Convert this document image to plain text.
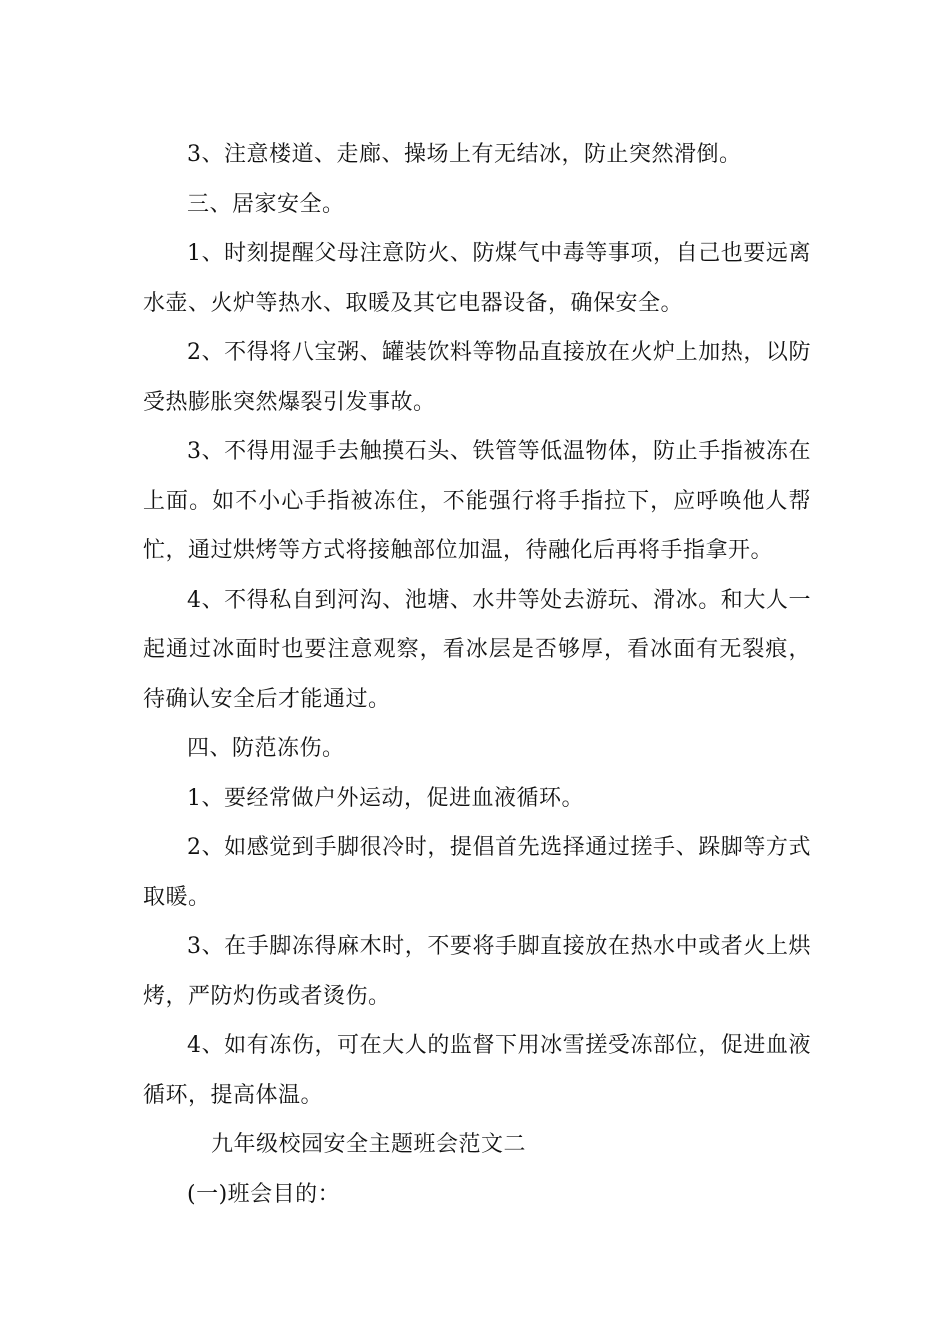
3、注意楼道、走廊、操场上有无结冰，防止突然滑倒。

三、居家安全。

1、时刻提醒父母注意防火、防煤气中毒等事项，自己也要远离水壶、火炉等热水、取暖及其它电器设备，确保安全。

2、不得将八宝粥、罐装饮料等物品直接放在火炉上加热，以防受热膨胀突然爆裂引发事故。

3、不得用湿手去触摸石头、铁管等低温物体，防止手指被冻在上面。如不小心手指被冻住，不能强行将手指拉下，应呼唤他人帮忙，通过烘烤等方式将接触部位加温，待融化后再将手指拿开。

4、不得私自到河沟、池塘、水井等处去游玩、滑冰。和大人一起通过冰面时也要注意观察，看冰层是否够厚，看冰面有无裂痕，待确认安全后才能通过。

四、防范冻伤。

1、要经常做户外运动，促进血液循环。

2、如感觉到手脚很冷时，提倡首先选择通过搓手、跺脚等方式取暖。

3、在手脚冻得麻木时，不要将手脚直接放在热水中或者火上烘烤，严防灼伤或者烫伤。

4、如有冻伤，可在大人的监督下用冰雪搓受冻部位，促进血液循环，提高体温。

九年级校园安全主题班会范文二

(一)班会目的：
